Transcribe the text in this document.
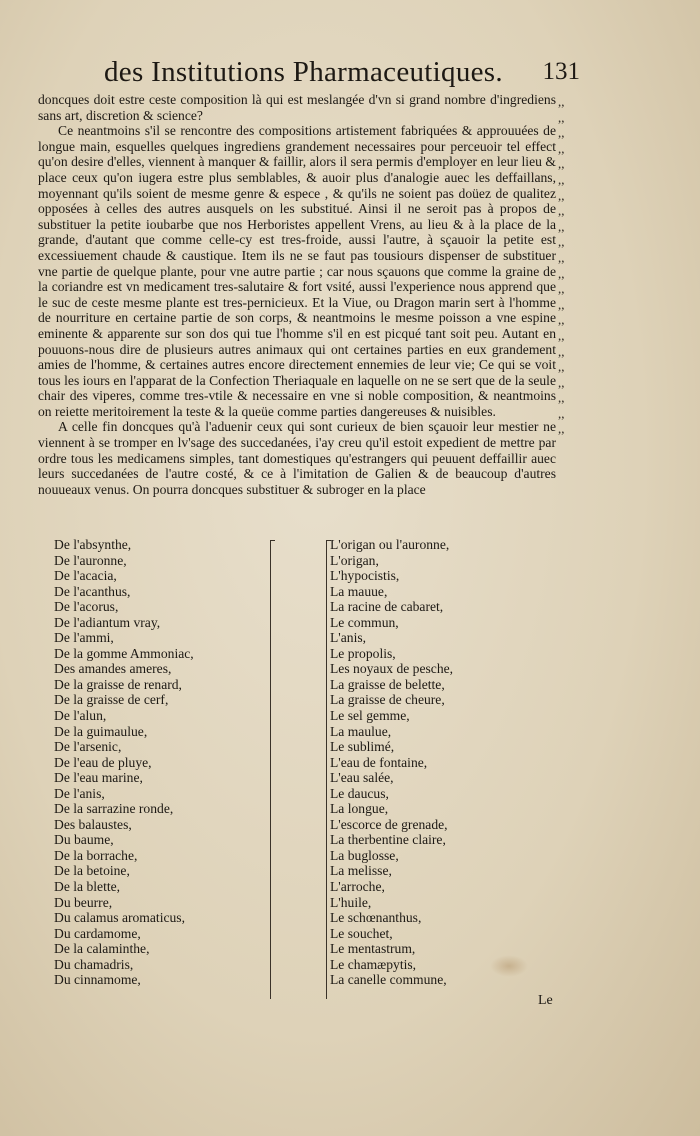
des Institutions Pharmaceutiques. 131

doncques doit estre ceste composition là qui est meslangée d'vn si grand nombre d'ingrediens sans art, discretion & science?

Ce neantmoins s'il se rencontre des compositions artistement fabriquées & approuuées de longue main, esquelles quelques ingrediens grandement necessaires pour perceuoir tel effect qu'on desire d'elles, viennent à manquer & faillir, alors il sera permis d'employer en leur lieu & place ceux qu'on iugera estre plus semblables, & auoir plus d'analogie auec les deffaillans, moyennant qu'ils soient de mesme genre & espece , & qu'ils ne soient pas doüez de qualitez opposées à celles des autres ausquels on les substitué. Ainsi il ne seroit pas à propos de substituer la petite ioubarbe que nos Herboristes appellent Vrens, au lieu & à la place de la grande, d'autant que comme celle-cy est tres-froide, aussi l'autre, à sçauoir la petite est excessiuement chaude & caustique. Item ils ne se faut pas tousiours dispenser de substituer vne partie de quelque plante, pour vne autre partie ; car nous sçauons que comme la graine de la coriandre est vn medicament tres-salutaire & fort vsité, aussi l'experience nous apprend que le suc de ceste mesme plante est tres-pernicieux. Et la Viue, ou Dragon marin sert à l'homme de nourriture en certaine partie de son corps, & neantmoins le mesme poisson a vne espine eminente & apparente sur son dos qui tue l'homme s'il en est picqué tant soit peu. Autant en pouuons-nous dire de plusieurs autres animaux qui ont certaines parties en eux grandement amies de l'homme, & certaines autres encore directement ennemies de leur vie; Ce qui se voit tous les iours en l'apparat de la Confection Theriaquale en laquelle on ne se sert que de la seule chair des viperes, comme tres-vtile & necessaire en vne si noble composition, & neantmoins on reiette meritoirement la teste & la queüe comme parties dangereuses & nuisibles.

A celle fin doncques qu'à l'aduenir ceux qui sont curieux de bien sçauoir leur mestier ne viennent à se tromper en lv'sage des succedanées, i'ay creu qu'il estoit expedient de mettre par ordre tous les medicamens simples, tant domestiques qu'estrangers qui peuuent deffaillir auec leurs succedanées de l'autre costé, & ce à l'imitation de Galien & de beaucoup d'autres nouueaux venus. On pourra doncques substituer & subroger en la place

,,
,,
,,
,,
,,
,,
,,
,,
,,
,,
,,
,,
,,
,,
,,
,,
,,
,,
,,
,,
,,
,,
De l'absynthe,
De l'auronne,
De l'acacia,
De l'acanthus,
De l'acorus,
De l'adiantum vray,
De l'ammi,
De la gomme Ammoniac,
Des amandes ameres,
De la graisse de renard,
De la graisse de cerf,
De l'alun,
De la guimaulue,
De l'arsenic,
De l'eau de pluye,
De l'eau marine,
De l'anis,
De la sarrazine ronde,
Des balaustes,
Du baume,
De la borrache,
De la betoine,
De la blette,
Du beurre,
Du calamus aromaticus,
Du cardamome,
De la calaminthe,
Du chamadris,
Du cinnamome,
L'origan ou l'auronne,
L'origan,
L'hypocistis,
La mauue,
La racine de cabaret,
Le commun,
L'anis,
Le propolis,
Les noyaux de pesche,
La graisse de belette,
La graisse de cheure,
Le sel gemme,
La maulue,
Le sublimé,
L'eau de fontaine,
L'eau salée,
Le daucus,
La longue,
L'escorce de grenade,
La therbentine claire,
La buglosse,
La melisse,
L'arroche,
L'huile,
Le schœnanthus,
Le souchet,
Le mentastrum,
Le chamæpytis,
La canelle commune,
Le
